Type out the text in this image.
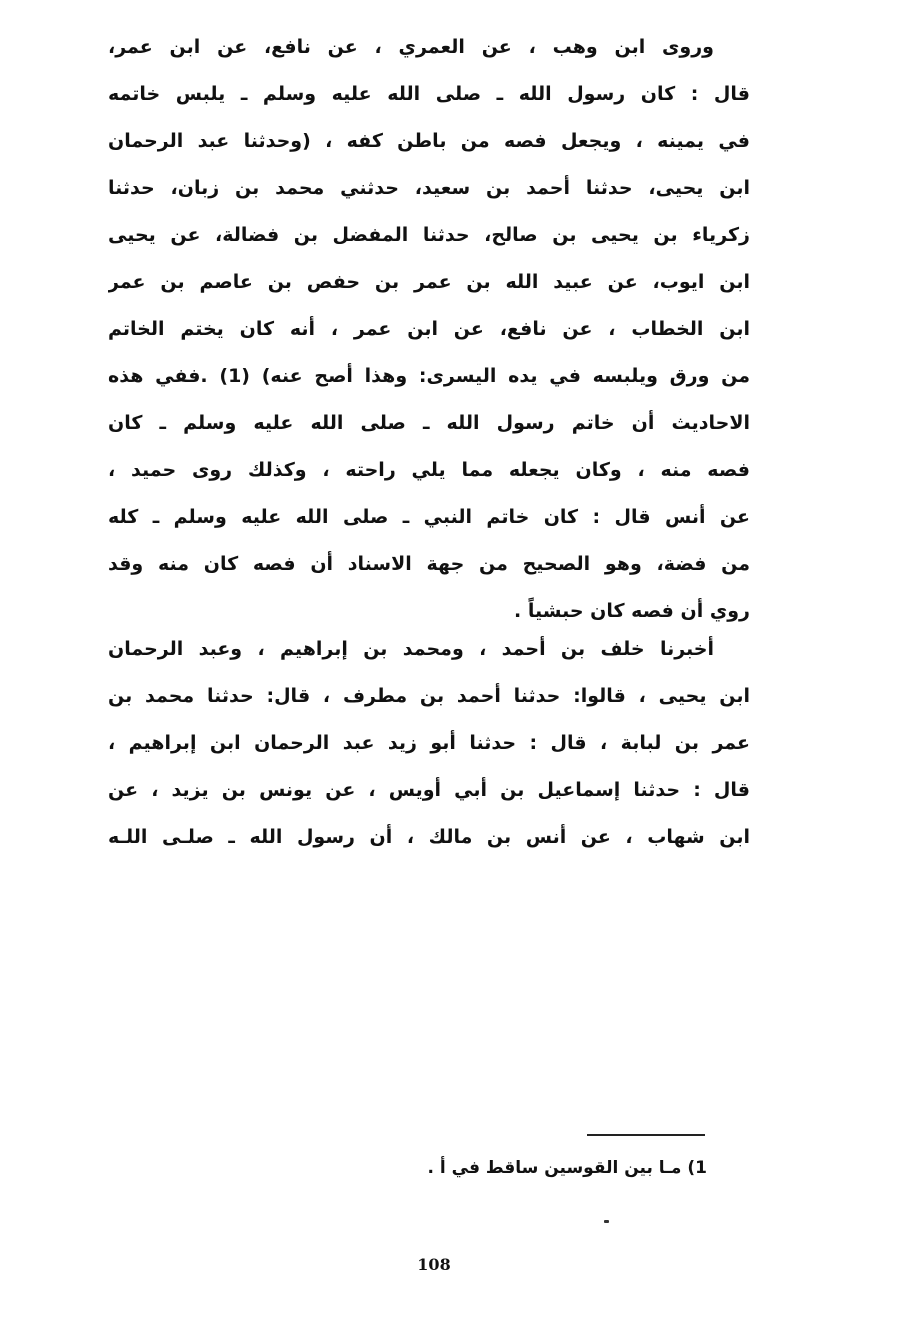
وروى ابن وهب ، عن العمري ، عن نافع، عن ابن عمر،
قال : كان رسول الله ـ صلى الله عليه وسلم ـ يلبس خاتمه
في يمينه ، ويجعل فصه من باطن كفه ، (وحدثنا عبد الرحمان
ابن يحيى، حدثنا أحمد بن سعيد، حدثني محمد بن زبان، حدثنا
زكرياء بن يحيى بن صالح، حدثنا المفضل بن فضالة، عن يحيى
ابن ايوب، عن عبيد الله بن عمر بن حفص بن عاصم بن عمر
ابن الخطاب ، عن نافع، عن ابن عمر ، أنه كان يختم الخاتم
من ورق ويلبسه في يده اليسرى: وهذا أصح عنه) (1) .ففي هذه
الاحاديث أن خاتم رسول الله ـ صلى الله عليه وسلم ـ كان
فصه منه ، وكان يجعله مما يلي راحته ، وكذلك روى حميد ،
عن أنس قال : كان خاتم النبي ـ صلى الله عليه وسلم ـ كله
من فضة، وهو الصحيح من جهة الاسناد أن فصه كان منه وقد
روي أن فصه كان حبشياً .
أخبرنا خلف بن أحمد ، ومحمد بن إبراهيم ، وعبد الرحمان
ابن يحيى ، قالوا: حدثنا أحمد بن مطرف ، قال: حدثنا محمد بن
عمر بن لبابة ، قال : حدثنا أبو زيد عبد الرحمان ابن إبراهيم ،
قال : حدثنا إسماعيل بن أبي أويس ، عن يونس بن يزيد ، عن
ابن شهاب ، عن أنس بن مالك ، أن رسول الله ـ صلـى اللـه
1) مـا بين القوسين ساقط في أ .
108
